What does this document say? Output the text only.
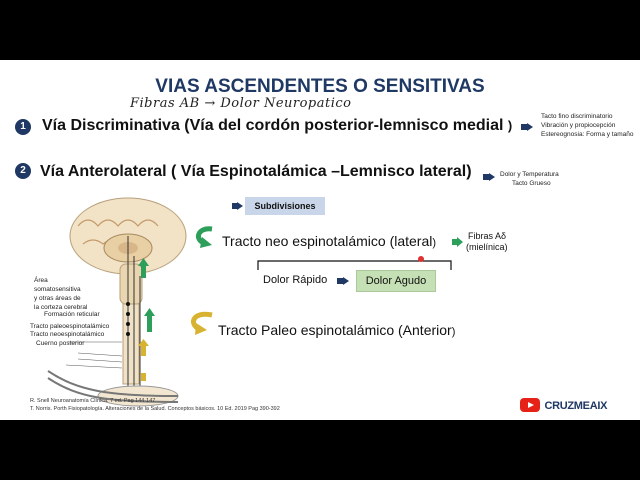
VIAS ASCENDENTES O SENSITIVAS
Fibras AB → Dolor Neuropatico
1	Vía Discriminativa (Vía del cordón posterior-lemnisco medial )
Tacto fino discriminatorio
Vibración y propiocepción
Estereognosia: Forma y tamaño
2 Vía Anterolateral ( Vía Espinotalámica –Lemnisco lateral)	Dolor y Temperatura
Tacto Grueso
Subdivisiones
Tracto neo espinotalámico (lateral)
Fibras Aδ
(mielínica)
Dolor Rápido	Dolor Agudo
Tracto Paleo espinotalámico (Anterior)
Área
somatosensitiva
y otras áreas de
la corteza cerebral
Formación reticular
Tracto paleoespinotalámico
Tracto neoespinotalámico
Cuerno posterior
R. Snell Neuroanatomía Clínica. 7 ed. Pag 144-147
T. Norris. Porth Fisiopatología. Alteraciones de la Salud. Conceptos básicos. 10 Ed. 2019 Pag 390-392	CRUZMEAIX
